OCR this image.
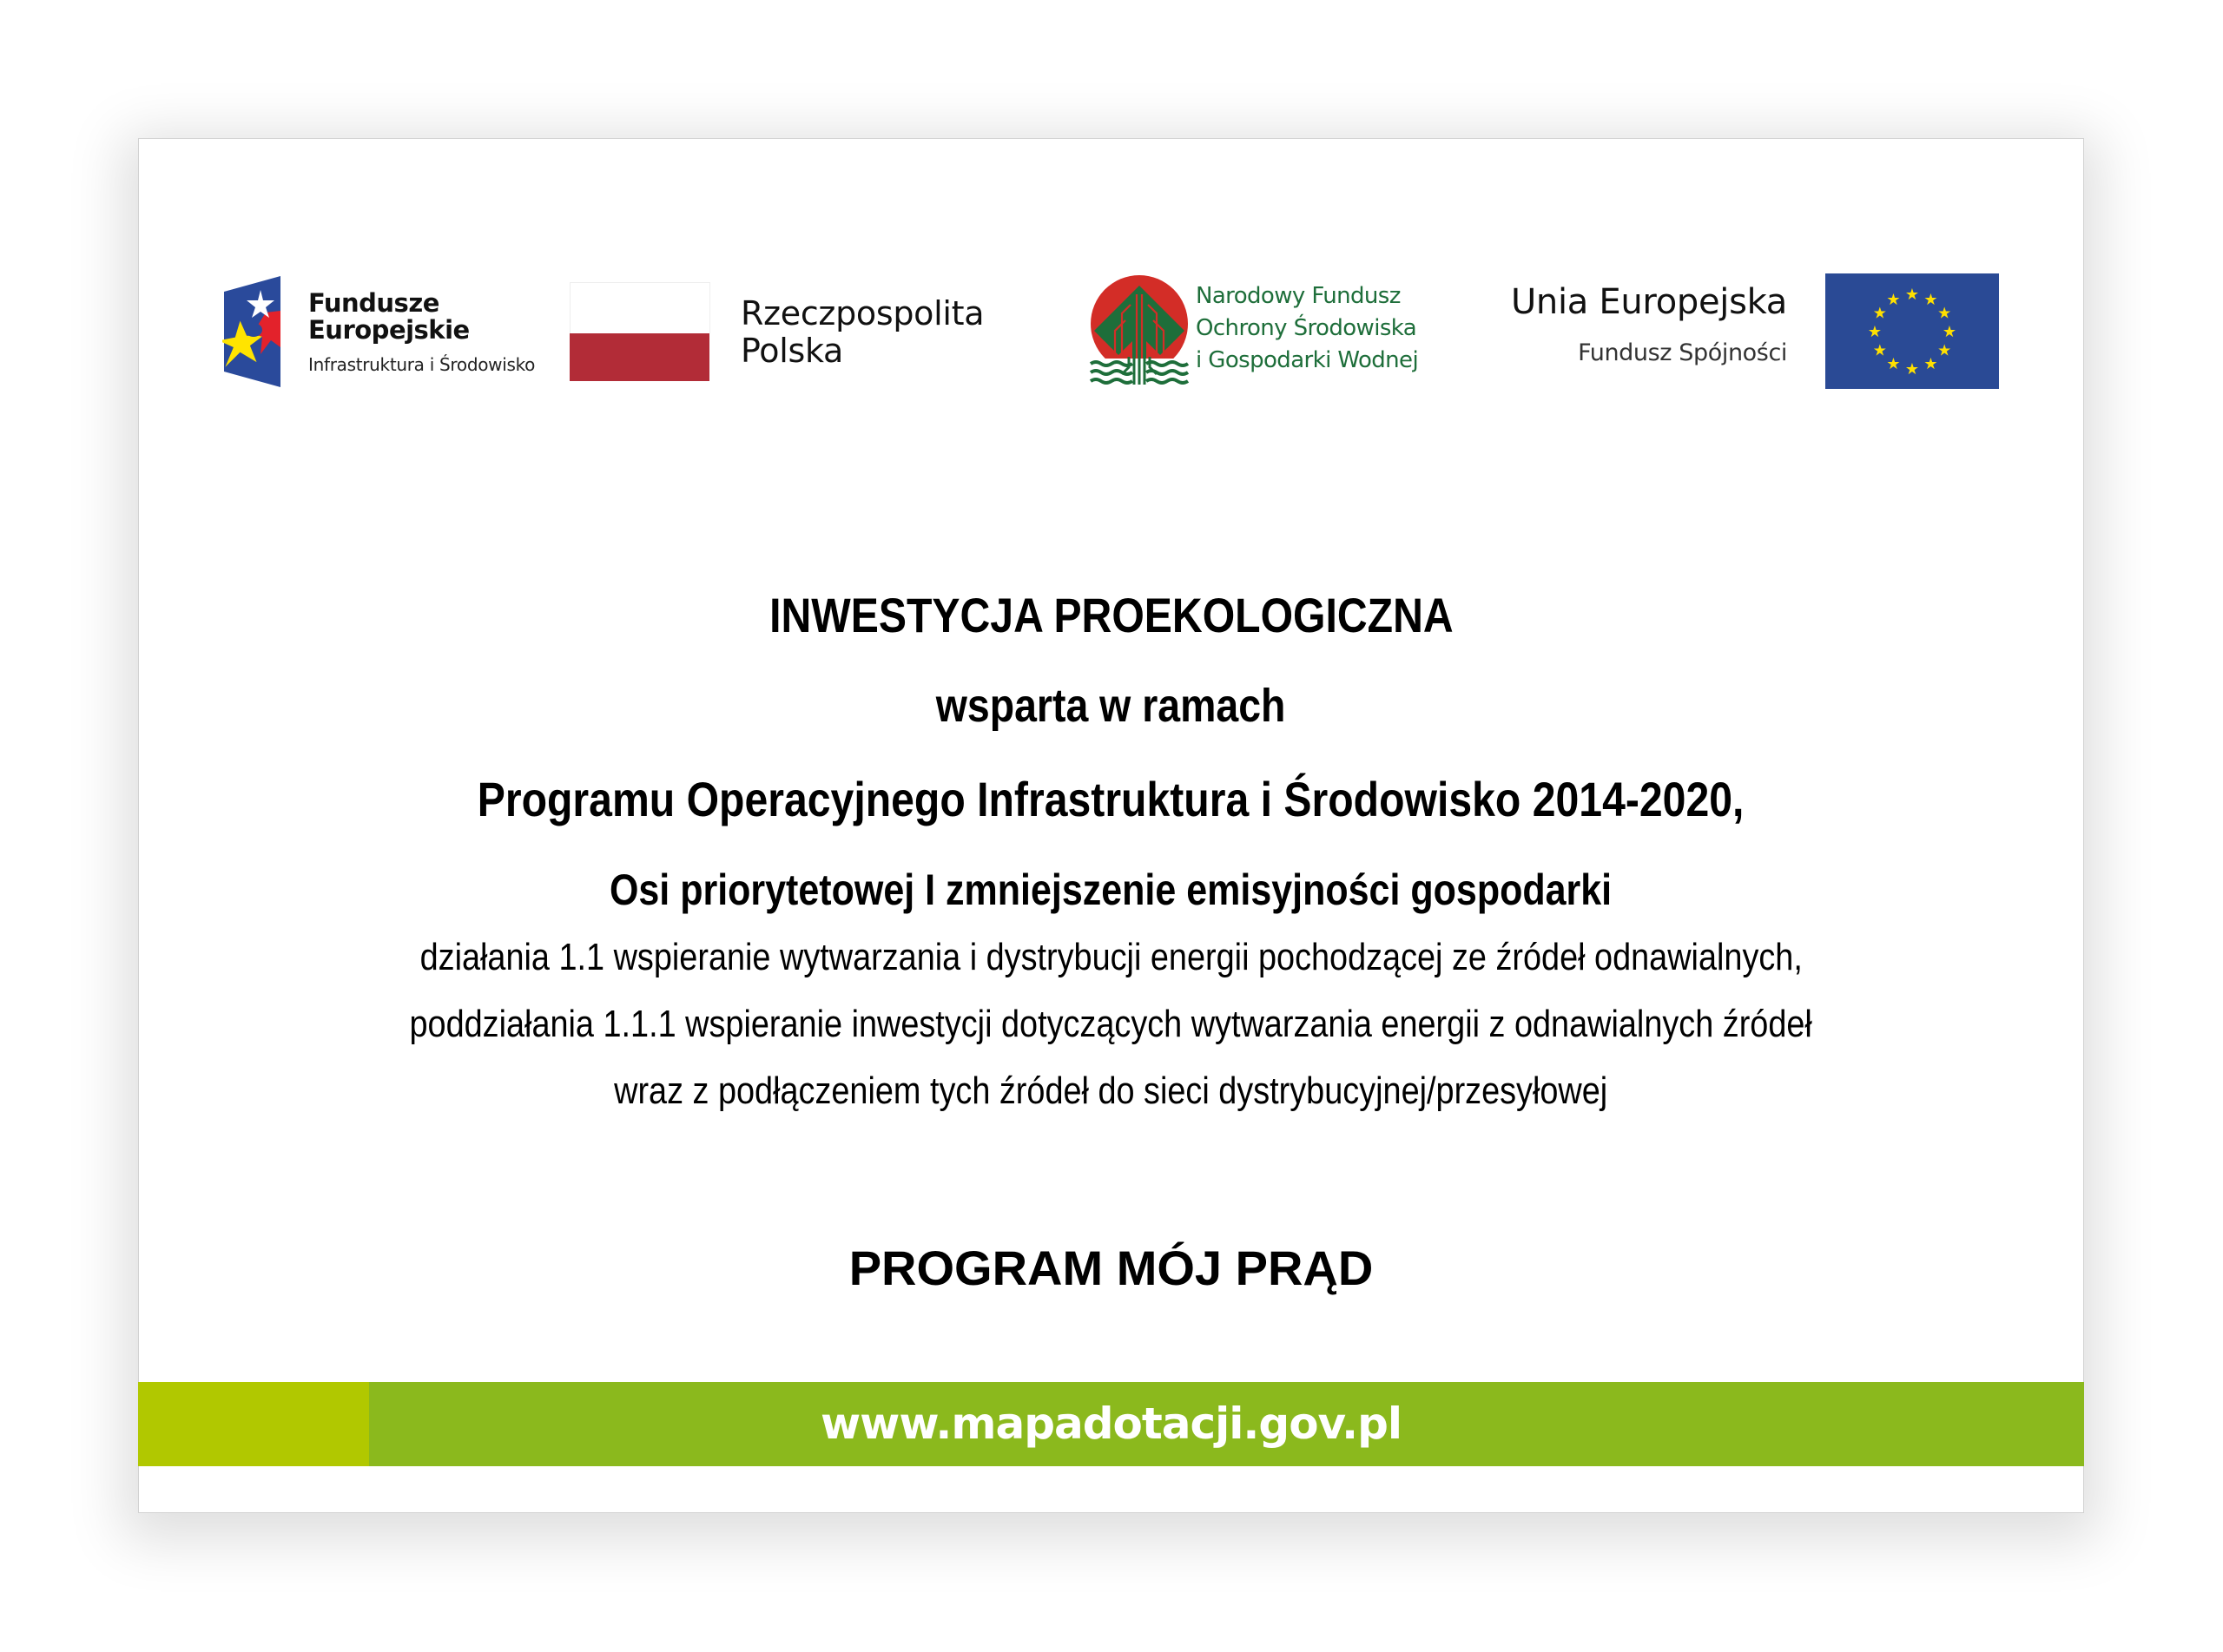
Fundusze
Europejskie
Infrastruktura i Środowisko
Rzeczpospolita
Polska
Narodowy Fundusz
Ochrony Środowiska
i Gospodarki Wodnej
Unia Europejska
Fundusz Spójności
★ ★
★
★
★
★
★
★
★
★
★
★
INWESTYCJA PROEKOLOGICZNA
wsparta w ramach
Programu Operacyjnego Infrastruktura i Środowisko 2014-2020,
Osi priorytetowej I zmniejszenie emisyjności gospodarki
działania 1.1 wspieranie wytwarzania i dystrybucji energii pochodzącej ze źródeł odnawialnych,
poddziałania 1.1.1 wspieranie inwestycji dotyczących wytwarzania energii z odnawialnych źródeł
wraz z podłączeniem tych źródeł do sieci dystrybucyjnej/przesyłowej
PROGRAM MÓJ PRĄD
www.mapadotacji.gov.pl
